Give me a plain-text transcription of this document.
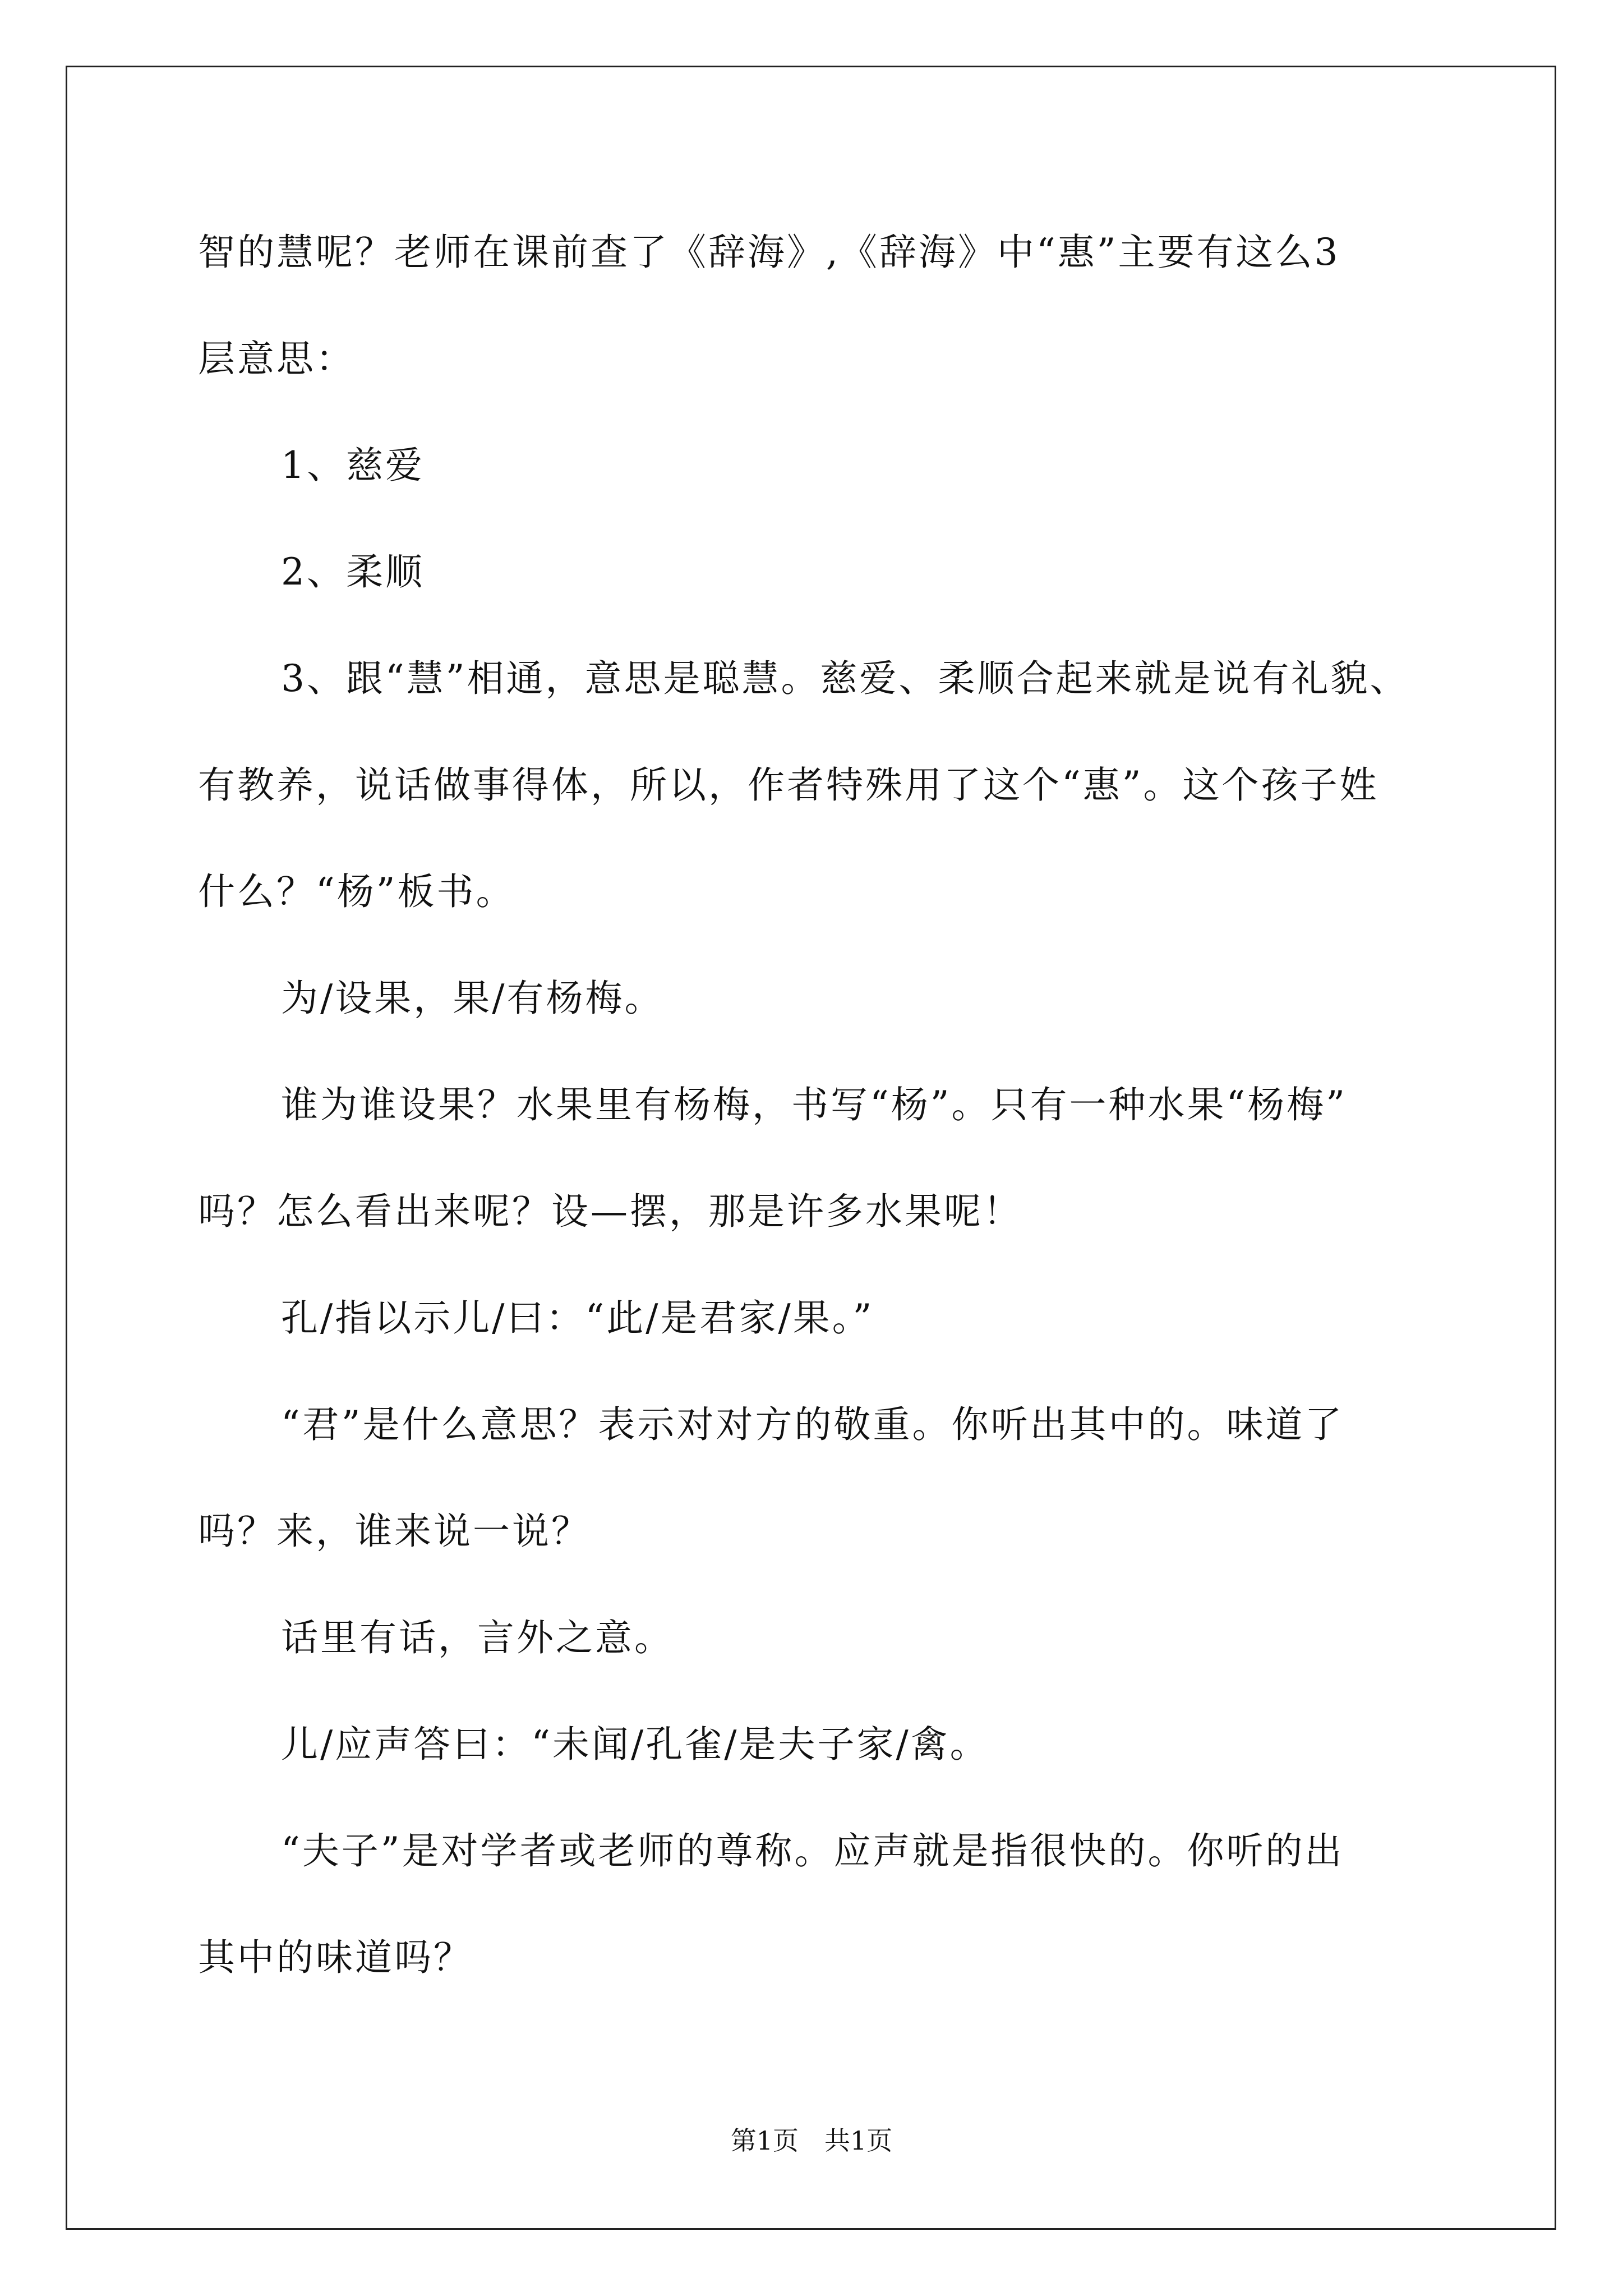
智的慧呢？老师在课前查了《辞海》,《辞海》中“惠”主要有这么3
层意思：
1、慈爱
2、柔顺
3、跟“慧”相通，意思是聪慧。慈爱、柔顺合起来就是说有礼貌、
有教养，说话做事得体，所以，作者特殊用了这个“惠”。这个孩子姓
什么？“杨”板书。
为/设果，果/有杨梅。
谁为谁设果？水果里有杨梅，书写“杨”。只有一种水果“杨梅”
吗？怎么看出来呢？设—摆，那是许多水果呢！
孔/指以示儿/曰：“此/是君家/果。”
“君”是什么意思？表示对对方的敬重。你听出其中的。味道了
吗？来，谁来说一说？
话里有话，言外之意。
儿/应声答曰：“未闻/孔雀/是夫子家/禽。
“夫子”是对学者或老师的尊称。应声就是指很快的。你听的出
其中的味道吗？
第1页　共1页
